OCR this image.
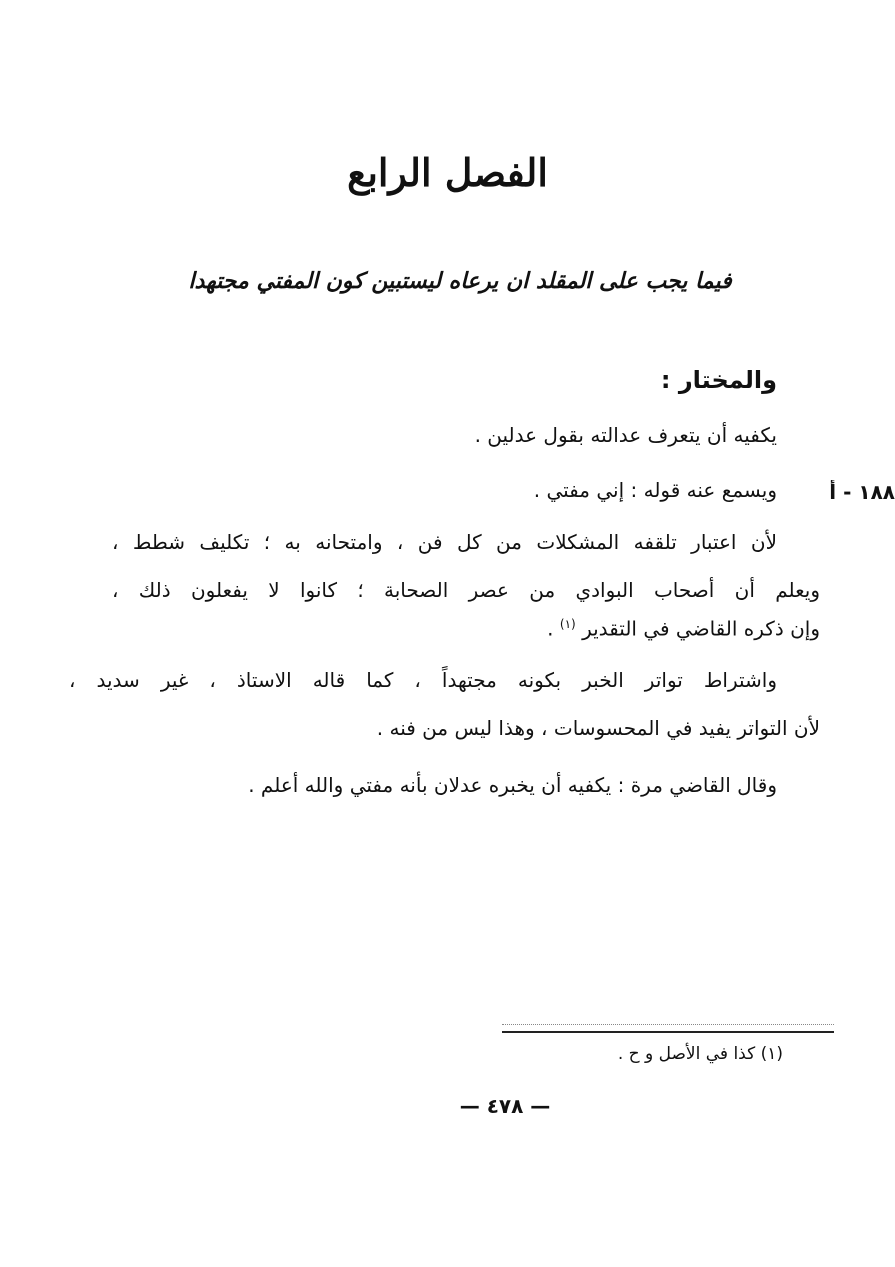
الفصل الرابع
فيما يجب على المقلد ان يرعاه ليستبين كون المفتي مجتهدا
والمختار :
١٨٨ - أ
يكفيه أن يتعرف عدالته بقول عدلين .
ويسمع عنه قوله : إني مفتي .
لأن اعتبار تلقفه المشكلات من كل فن ، وامتحانه به ؛ تكليف شطط ،
ويعلم أن أصحاب البوادي من عصر الصحابة ؛ كانوا لا يفعلون ذلك ،
وإن ذكره القاضي في التقدير $^{(١)}$ .
واشتراط تواتر الخبر بكونه مجتهداً ، كما قاله الاستاذ ، غير سديد ،
لأن التواتر يفيد في المحسوسات ، وهذا ليس من فنه .
وقال القاضي مرة : يكفيه أن يخبره عدلان بأنه مفتي والله أعلم .
(١) كذا في الأصل و ح .
— ٤٧٨ —
